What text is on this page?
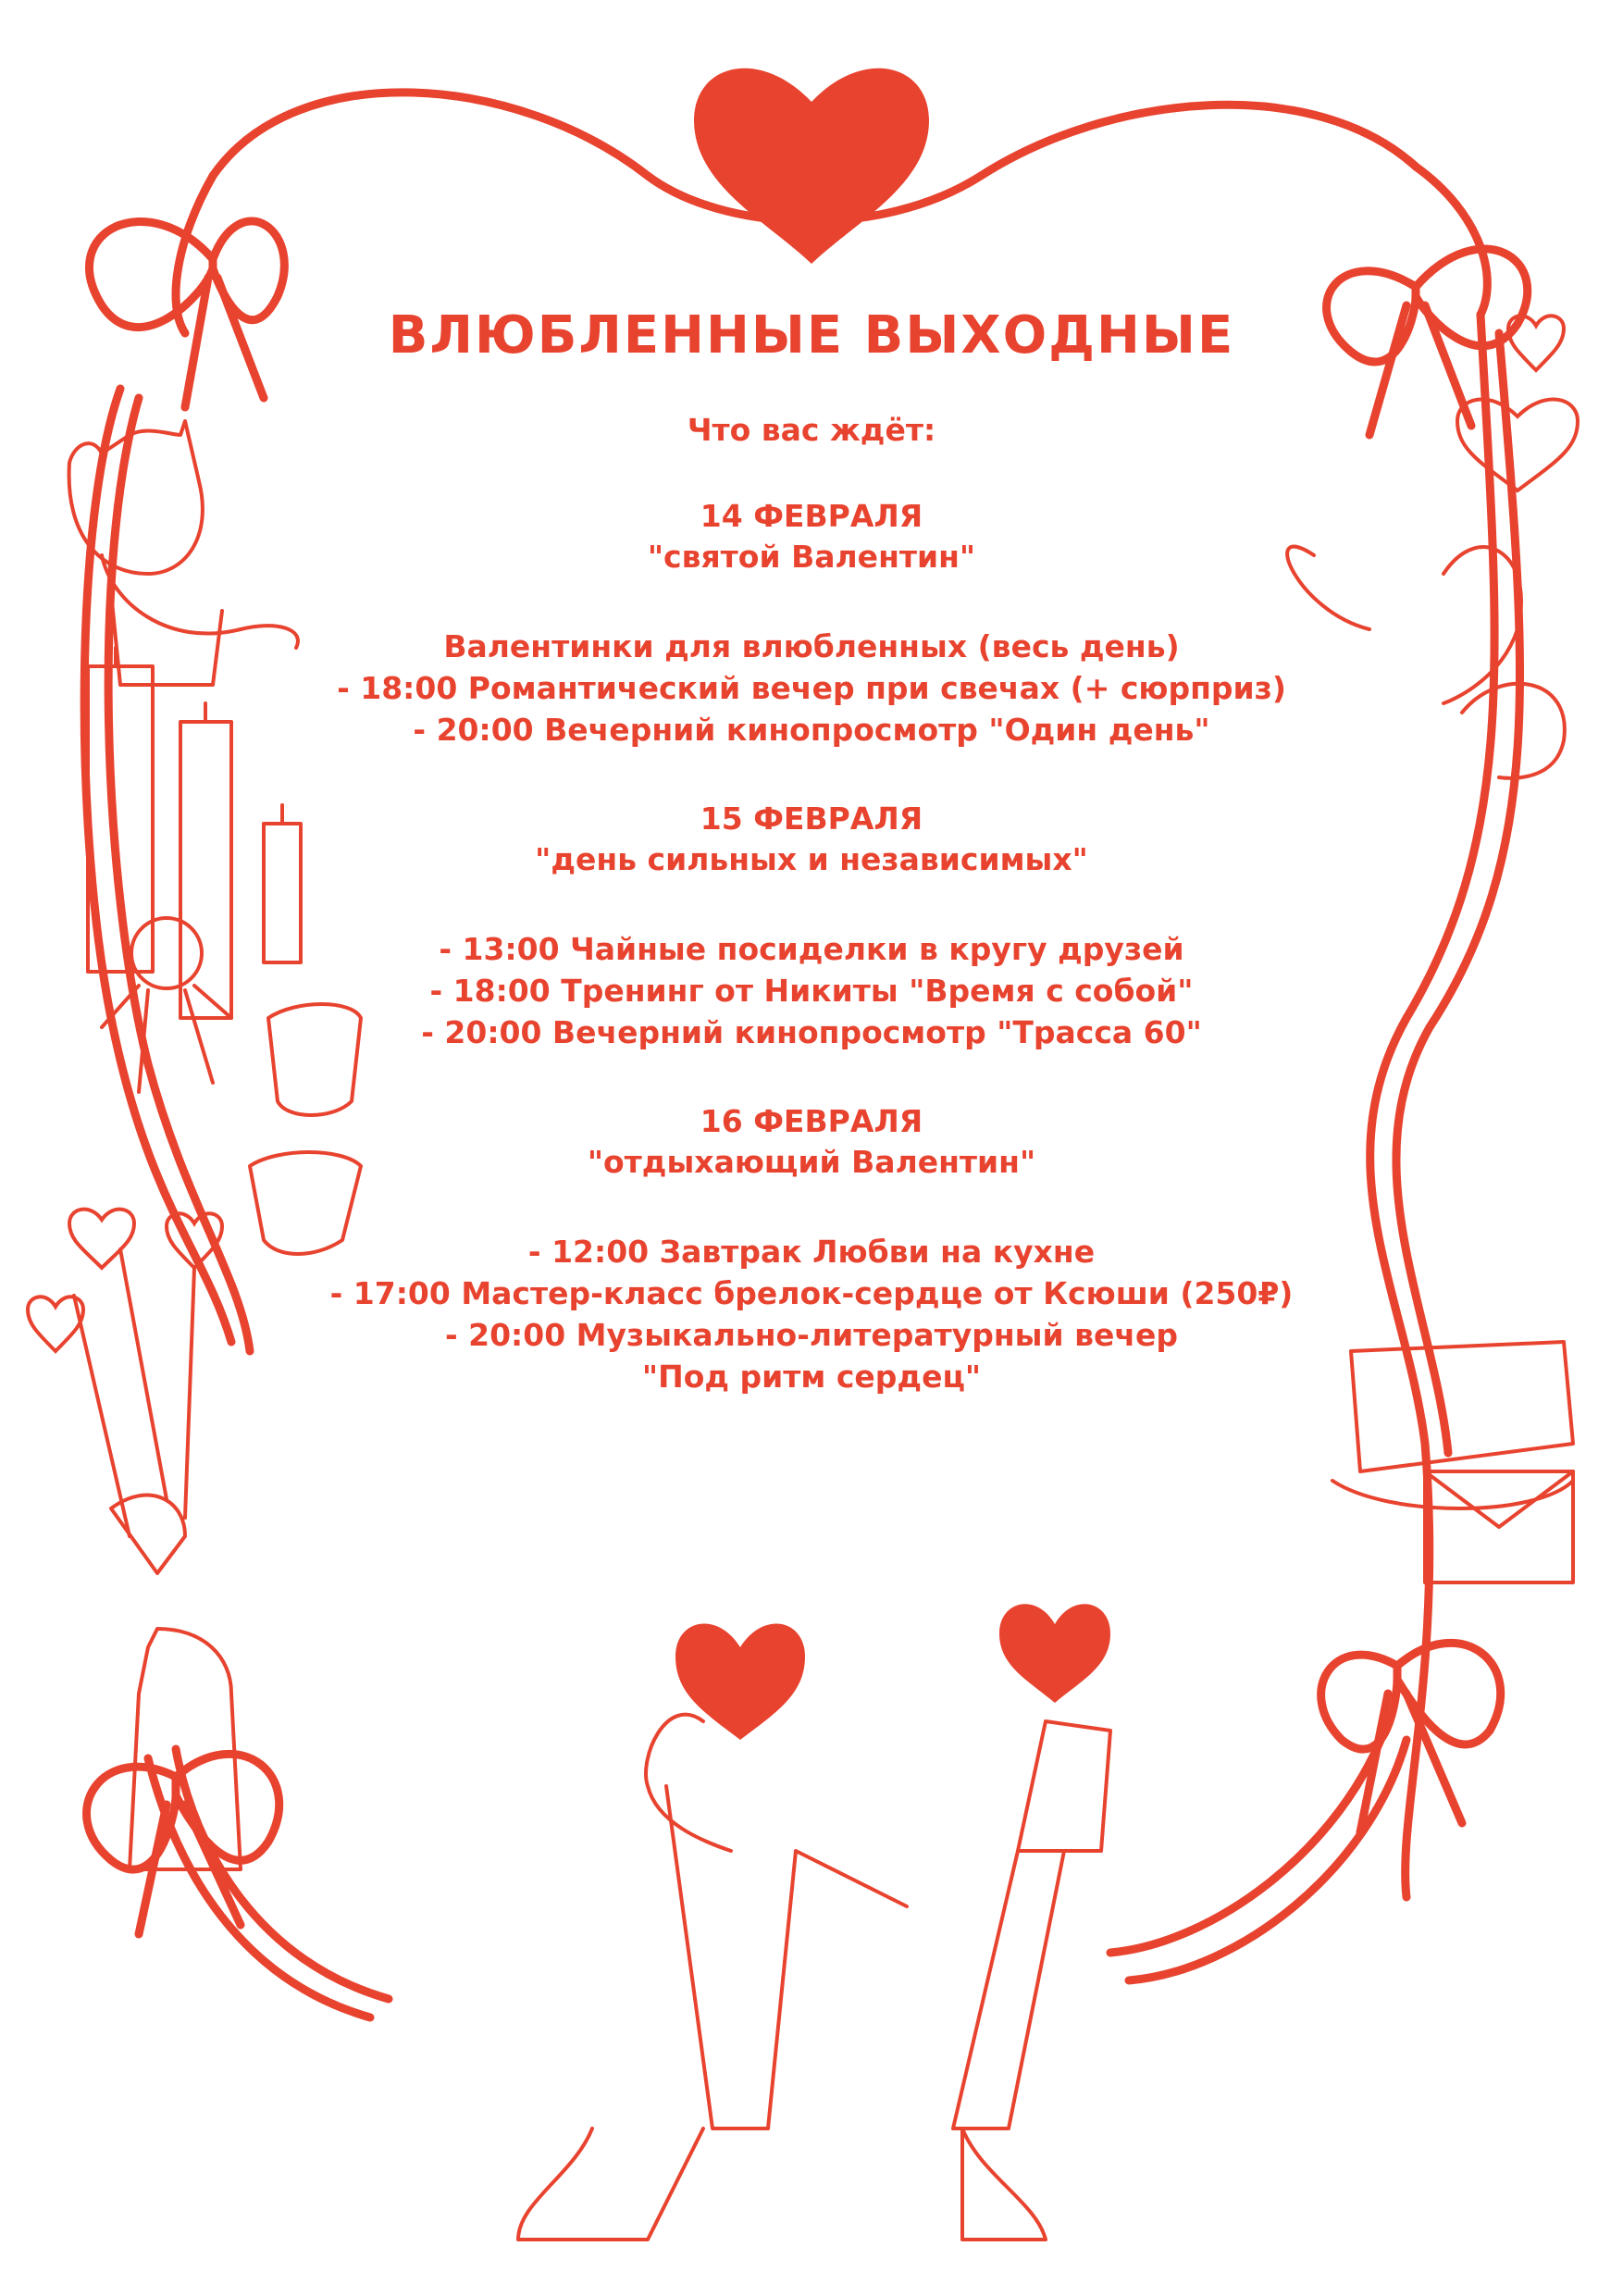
ВЛЮБЛЕННЫЕ ВЫХОДНЫЕ
Что вас ждёт:
14 ФЕВРАЛЯ
"святой Валентин"
Валентинки для влюбленных (весь день)
- 18:00 Романтический вечер при свечах (+ сюрприз)
- 20:00 Вечерний кинопросмотр "Один день"
15 ФЕВРАЛЯ
"день сильных и независимых"
- 13:00 Чайные посиделки в кругу друзей
- 18:00 Тренинг от Никиты "Время с собой"
- 20:00 Вечерний кинопросмотр "Трасса 60"
16 ФЕВРАЛЯ
"отдыхающий Валентин"
- 12:00 Завтрак Любви на кухне
- 17:00 Мастер-класс брелок-сердце от Ксюши (250₽)
- 20:00 Музыкально-литературный вечер
"Под ритм сердец"
